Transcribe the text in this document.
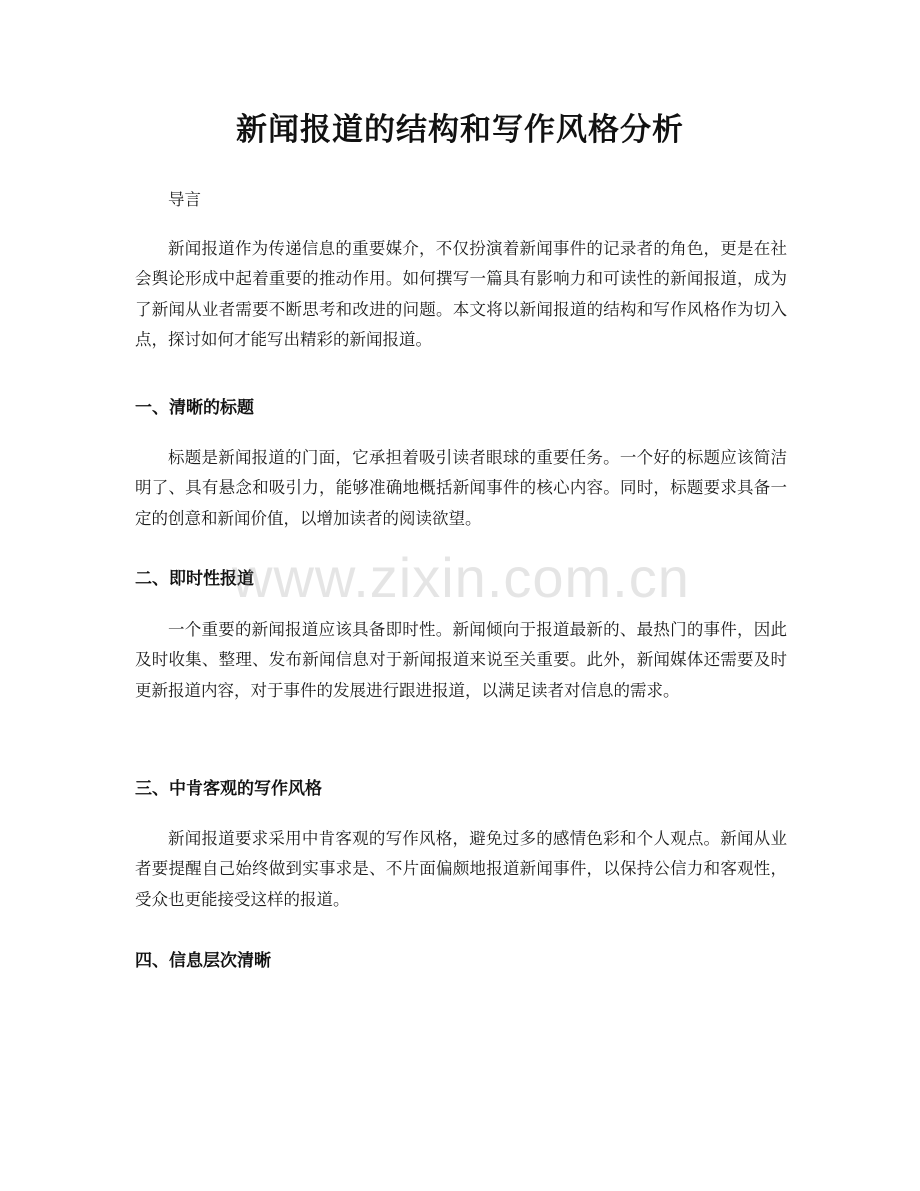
新闻报道的结构和写作风格分析
导言

新闻报道作为传递信息的重要媒介，不仅扮演着新闻事件的记录者的角色，更是在社会舆论形成中起着重要的推动作用。如何撰写一篇具有影响力和可读性的新闻报道，成为了新闻从业者需要不断思考和改进的问题。本文将以新闻报道的结构和写作风格作为切入点，探讨如何才能写出精彩的新闻报道。

一、清晰的标题

标题是新闻报道的门面，它承担着吸引读者眼球的重要任务。一个好的标题应该简洁明了、具有悬念和吸引力，能够准确地概括新闻事件的核心内容。同时，标题要求具备一定的创意和新闻价值，以增加读者的阅读欲望。

二、即时性报道

一个重要的新闻报道应该具备即时性。新闻倾向于报道最新的、最热门的事件，因此及时收集、整理、发布新闻信息对于新闻报道来说至关重要。此外，新闻媒体还需要及时更新报道内容，对于事件的发展进行跟进报道，以满足读者对信息的需求。

三、中肯客观的写作风格

新闻报道要求采用中肯客观的写作风格，避免过多的感情色彩和个人观点。新闻从业者要提醒自己始终做到实事求是、不片面偏颇地报道新闻事件，以保持公信力和客观性，受众也更能接受这样的报道。

四、信息层次清晰
www.zixin.com.cn
